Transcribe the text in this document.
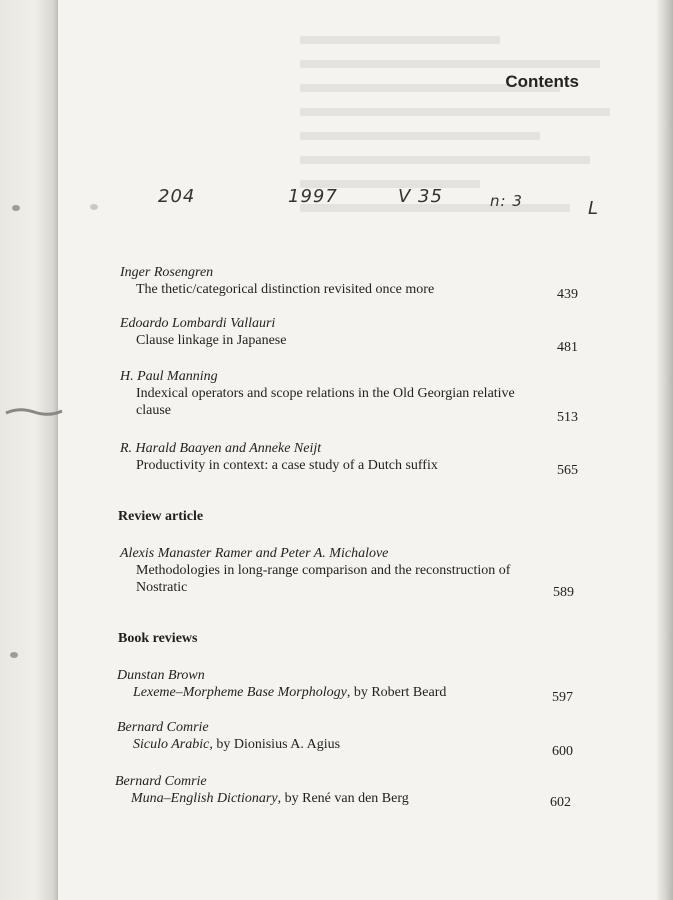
Contents
204	1997	V 35	n: 3	L
Inger Rosengren
The thetic/categorical distinction revisited once more	439
Edoardo Lombardi Vallauri
Clause linkage in Japanese	481
H. Paul Manning
Indexical operators and scope relations in the Old Georgian relative clause	513
R. Harald Baayen and Anneke Neijt
Productivity in context: a case study of a Dutch suffix	565
Review article
Alexis Manaster Ramer and Peter A. Michalove
Methodologies in long-range comparison and the reconstruction of Nostratic	589
Book reviews
Dunstan Brown
Lexeme–Morpheme Base Morphology, by Robert Beard	597
Bernard Comrie
Siculo Arabic, by Dionisius A. Agius	600
Bernard Comrie
Muna–English Dictionary, by René van den Berg	602
